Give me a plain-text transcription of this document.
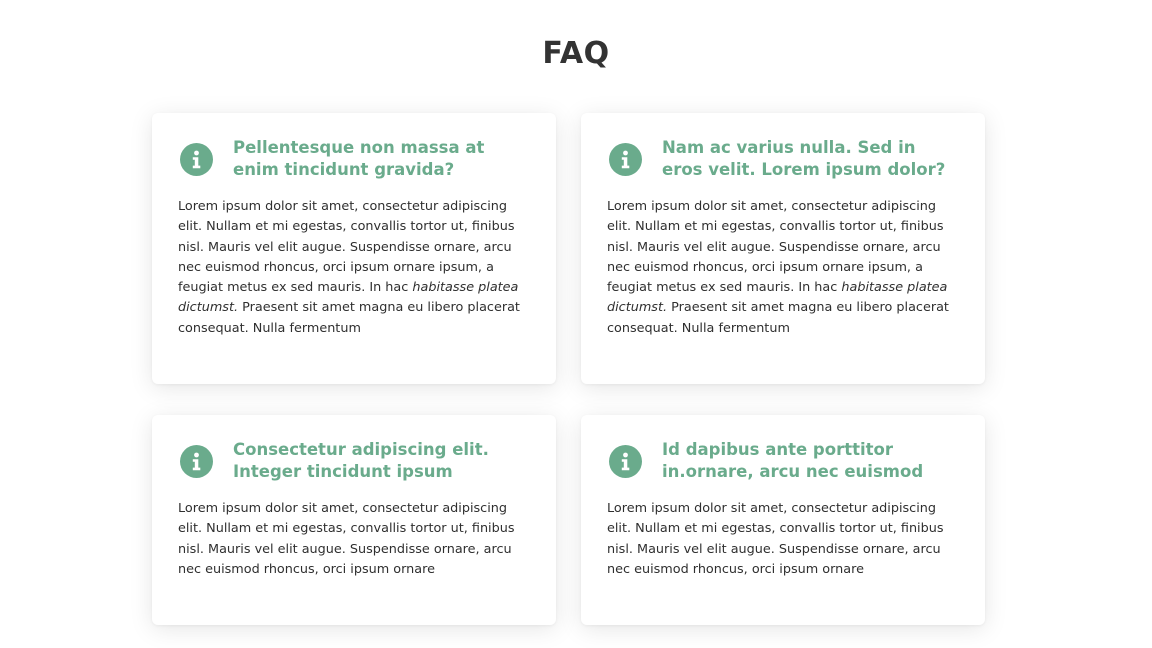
FAQ
Pellentesque non massa at enim tincidunt gravida?

Lorem ipsum dolor sit amet, consectetur adipiscing elit. Nullam et mi egestas, convallis tortor ut, finibus nisl. Mauris vel elit augue. Suspendisse ornare, arcu nec euismod rhoncus, orci ipsum ornare ipsum, a feugiat metus ex sed mauris. In hac habitasse platea dictumst. Praesent sit amet magna eu libero placerat consequat. Nulla fermentum

Nam ac varius nulla. Sed in eros velit. Lorem ipsum dolor?

Lorem ipsum dolor sit amet, consectetur adipiscing elit. Nullam et mi egestas, convallis tortor ut, finibus nisl. Mauris vel elit augue. Suspendisse ornare, arcu nec euismod rhoncus, orci ipsum ornare ipsum, a feugiat metus ex sed mauris. In hac habitasse platea dictumst. Praesent sit amet magna eu libero placerat consequat. Nulla fermentum

Consectetur adipiscing elit. Integer tincidunt ipsum

Lorem ipsum dolor sit amet, consectetur adipiscing elit. Nullam et mi egestas, convallis tortor ut, finibus nisl. Mauris vel elit augue. Suspendisse ornare, arcu nec euismod rhoncus, orci ipsum ornare

Id dapibus ante porttitor in.ornare, arcu nec euismod

Lorem ipsum dolor sit amet, consectetur adipiscing elit. Nullam et mi egestas, convallis tortor ut, finibus nisl. Mauris vel elit augue. Suspendisse ornare, arcu nec euismod rhoncus, orci ipsum ornare
